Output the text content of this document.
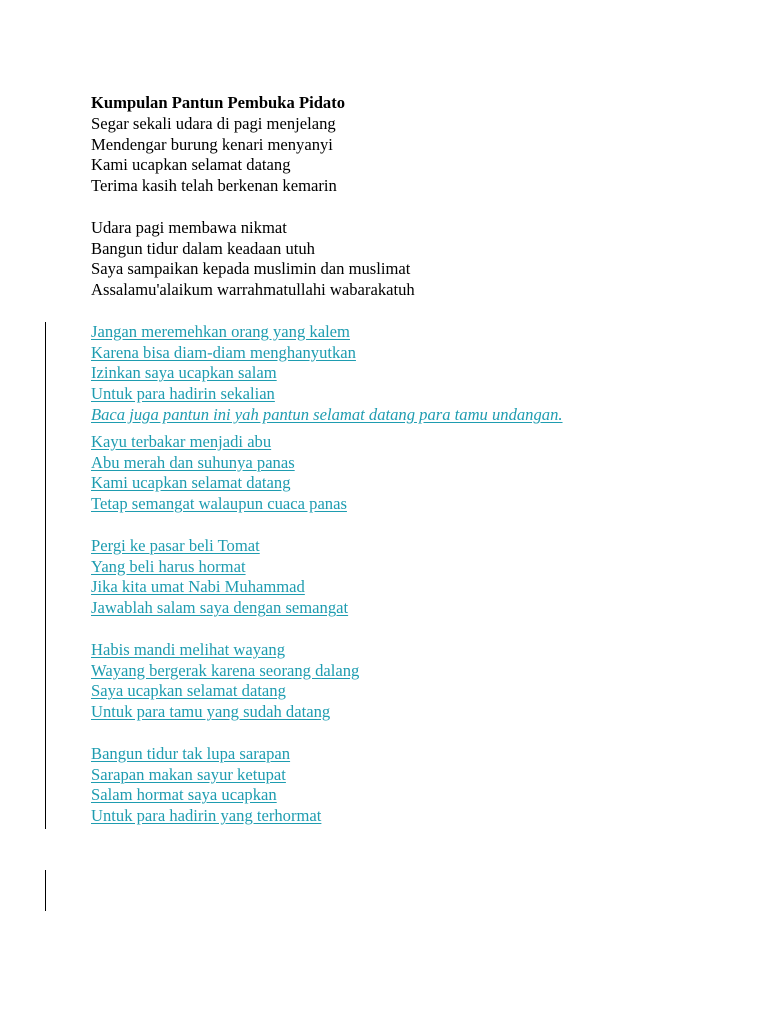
Kumpulan Pantun Pembuka Pidato
Segar sekali udara di pagi menjelang
Mendengar burung kenari menyanyi
Kami ucapkan selamat datang
Terima kasih telah berkenan kemarin
Udara pagi membawa nikmat
Bangun tidur dalam keadaan utuh
Saya sampaikan kepada muslimin dan muslimat
Assalamu'alaikum warrahmatullahi wabarakatuh
Jangan meremehkan orang yang kalem
Karena bisa diam-diam menghanyutkan
Izinkan saya ucapkan salam
Untuk para hadirin sekalian
Baca juga pantun ini yah pantun selamat datang para tamu undangan.
Kayu terbakar menjadi abu
Abu merah dan suhunya panas
Kami ucapkan selamat datang
Tetap semangat walaupun cuaca panas
Pergi ke pasar beli Tomat
Yang beli harus hormat
Jika kita umat Nabi Muhammad
Jawablah salam saya dengan semangat
Habis mandi melihat wayang
Wayang bergerak karena seorang dalang
Saya ucapkan selamat datang
Untuk para tamu yang sudah datang
Bangun tidur tak lupa sarapan
Sarapan makan sayur ketupat
Salam hormat saya ucapkan
Untuk para hadirin yang terhormat
